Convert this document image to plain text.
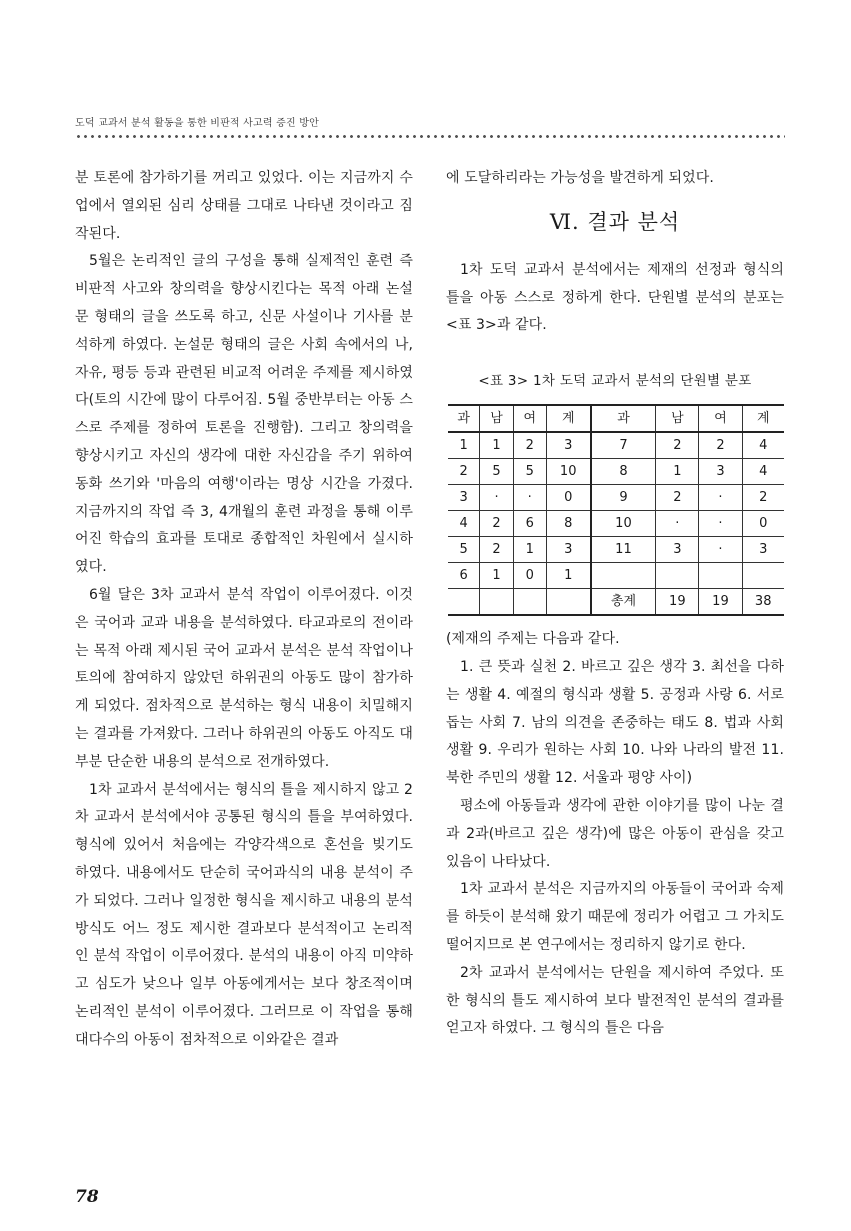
도덕 교과서 분석 활동을 통한 비판적 사고력 증진 방안

분 토론에 참가하기를 꺼리고 있었다. 이는 지금까지 수업에서 열외된 심리 상태를 그대로 나타낸 것이라고 짐작된다.

5월은 논리적인 글의 구성을 통해 실제적인 훈련 즉 비판적 사고와 창의력을 향상시킨다는 목적 아래 논설문 형태의 글을 쓰도록 하고, 신문 사설이나 기사를 분석하게 하였다. 논설문 형태의 글은 사회 속에서의 나, 자유, 평등 등과 관련된 비교적 어려운 주제를 제시하였다(토의 시간에 많이 다루어짐. 5월 중반부터는 아동 스스로 주제를 정하여 토론을 진행함). 그리고 창의력을 향상시키고 자신의 생각에 대한 자신감을 주기 위하여 동화 쓰기와 '마음의 여행'이라는 명상 시간을 가졌다. 지금까지의 작업 즉 3, 4개월의 훈련 과정을 통해 이루어진 학습의 효과를 토대로 종합적인 차원에서 실시하였다.

6월 달은 3차 교과서 분석 작업이 이루어졌다. 이것은 국어과 교과 내용을 분석하였다. 타교과로의 전이라는 목적 아래 제시된 국어 교과서 분석은 분석 작업이나 토의에 참여하지 않았던 하위권의 아동도 많이 참가하게 되었다. 점차적으로 분석하는 형식 내용이 치밀해지는 결과를 가져왔다. 그러나 하위권의 아동도 아직도 대부분 단순한 내용의 분석으로 전개하였다.

1차 교과서 분석에서는 형식의 틀을 제시하지 않고 2차 교과서 분석에서야 공통된 형식의 틀을 부여하였다. 형식에 있어서 처음에는 각양각색으로 혼선을 빚기도 하였다. 내용에서도 단순히 국어과식의 내용 분석이 주가 되었다. 그러나 일정한 형식을 제시하고 내용의 분석 방식도 어느 정도 제시한 결과보다 분석적이고 논리적인 분석 작업이 이루어졌다. 분석의 내용이 아직 미약하고 심도가 낮으나 일부 아동에게서는 보다 창조적이며 논리적인 분석이 이루어졌다. 그러므로 이 작업을 통해 대다수의 아동이 점차적으로 이와같은 결과

에 도달하리라는 가능성을 발견하게 되었다.

Ⅵ. 결과 분석

1차 도덕 교과서 분석에서는 제재의 선정과 형식의 틀을 아동 스스로 정하게 한다. 단원별 분석의 분포는 <표 3>과 같다.

<표 3> 1차 도덕 교과서 분석의 단원별 분포
과	남	여	계	과	남	여	계
1	1	2	3	7	2	2	4
2	5	5	10	8	1	3	4
3	·	·	0	9	2	·	2
4	2	6	8	10	·	·	0
5	2	1	3	11	3	·	3
6	1	0	1				
				총계	19	19	38

(제재의 주제는 다음과 같다.

1. 큰 뜻과 실천 2. 바르고 깊은 생각 3. 최선을 다하는 생활 4. 예절의 형식과 생활 5. 공정과 사랑 6. 서로 돕는 사회 7. 남의 의견을 존중하는 태도 8. 법과 사회 생활 9. 우리가 원하는 사회 10. 나와 나라의 발전 11. 북한 주민의 생활 12. 서울과 평양 사이)

평소에 아동들과 생각에 관한 이야기를 많이 나눈 결과 2과(바르고 깊은 생각)에 많은 아동이 관심을 갖고 있음이 나타났다.

1차 교과서 분석은 지금까지의 아동들이 국어과 숙제를 하듯이 분석해 왔기 때문에 정리가 어렵고 그 가치도 떨어지므로 본 연구에서는 정리하지 않기로 한다.

2차 교과서 분석에서는 단원을 제시하여 주었다. 또한 형식의 틀도 제시하여 보다 발전적인 분석의 결과를 얻고자 하였다. 그 형식의 틀은 다음

78
